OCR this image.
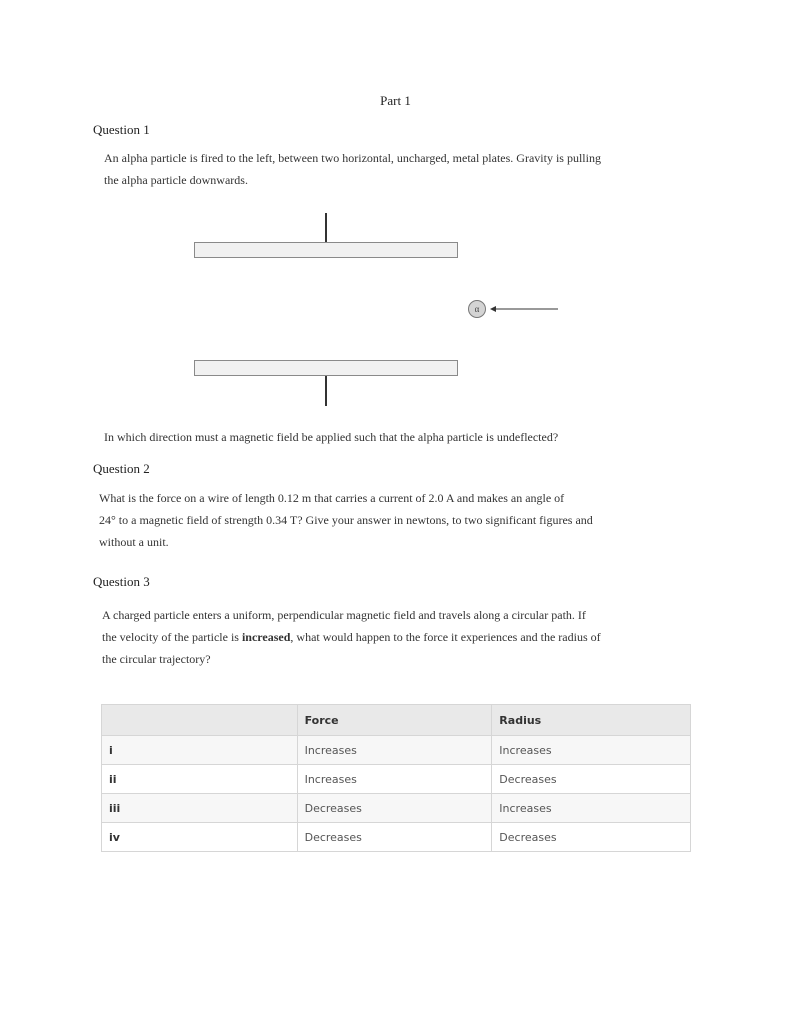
Part 1
Question 1
An alpha particle is fired to the left, between two horizontal, uncharged, metal plates. Gravity is pulling
the alpha particle downwards.
α
In which direction must a magnetic field be applied such that the alpha particle is undeflected?
Question 2
What is the force on a wire of length 0.12 m that carries a current of 2.0 A and makes an angle of
24° to a magnetic field of strength 0.34 T? Give your answer in newtons, to two significant figures and
without a unit.
Question 3
A charged particle enters a uniform, perpendicular magnetic field and travels along a circular path. If
the velocity of the particle is increased, what would happen to the force it experiences and the radius of
the circular trajectory?
	Force	Radius
i	Increases	Increases
ii	Increases	Decreases
iii	Decreases	Increases
iv	Decreases	Decreases
